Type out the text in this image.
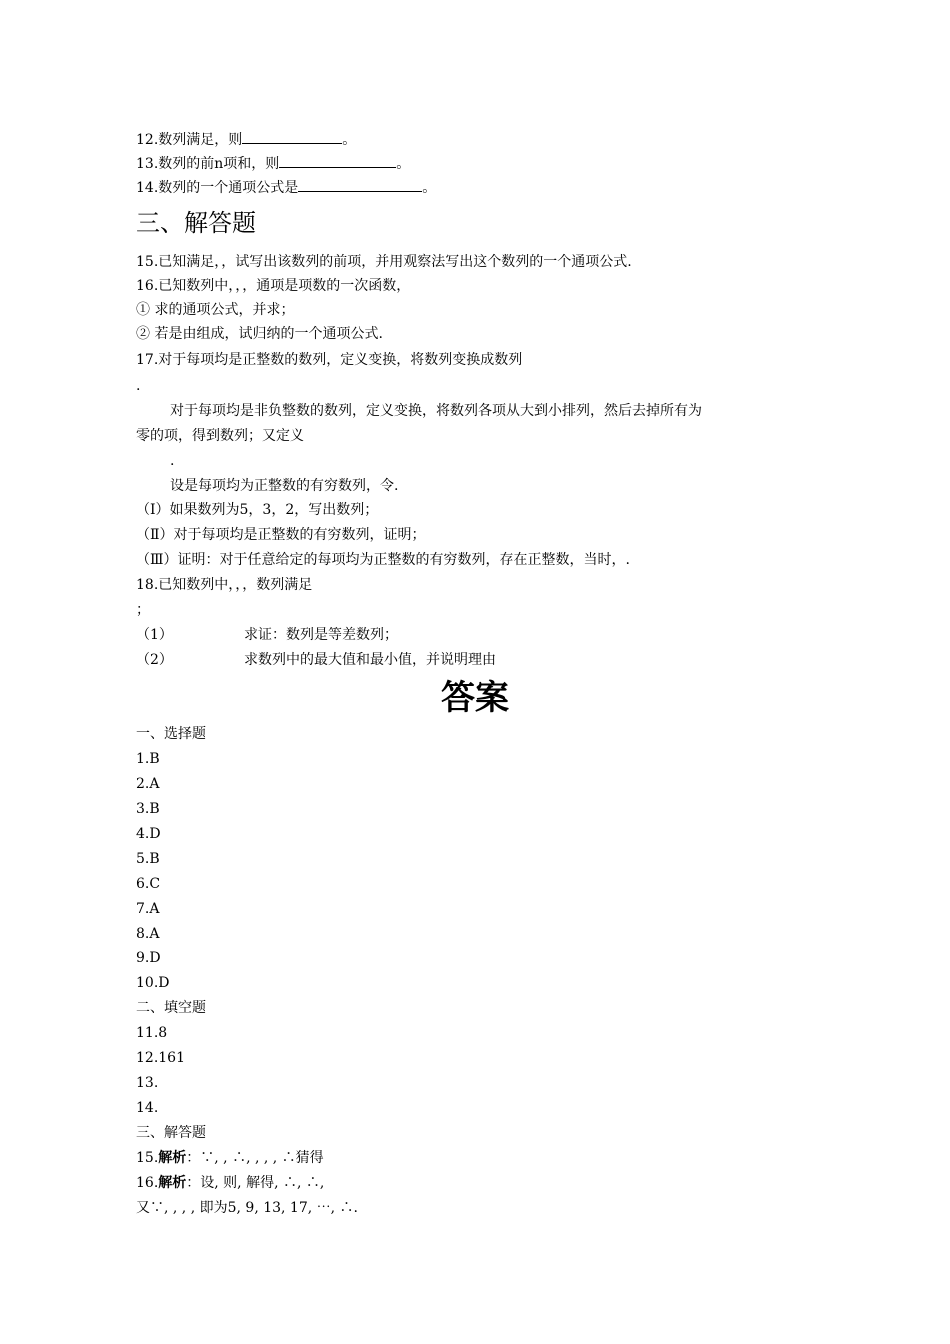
12.数列满足，则	。
13.数列的前n项和，则	。
14.数列的一个通项公式是	。
三、解答题
15.已知满足，，试写出该数列的前项，并用观察法写出这个数列的一个通项公式.
16.已知数列中，，，通项是项数的一次函数，
① 求的通项公式，并求；
② 若是由组成，试归纳的一个通项公式.
17.对于每项均是正整数的数列，定义变换，将数列变换成数列
.
对于每项均是非负整数的数列，定义变换，将数列各项从大到小排列，然后去掉所有为
零的项，得到数列；又定义
.
设是每项均为正整数的有穷数列，令.
（Ⅰ）如果数列为5，3，2，写出数列；
（Ⅱ）对于每项均是正整数的有穷数列，证明；
（Ⅲ）证明：对于任意给定的每项均为正整数的有穷数列，存在正整数，当时，.
18.已知数列中，，，数列满足
；
（1）	求证：数列是等差数列；
（2）	求数列中的最大值和最小值，并说明理由
答案
一、选择题
1.B
2.A
3.B
4.D
5.B
6.C
7.A
8.A
9.D
10.D
二、填空题
11.8
12.161
13.
14.
三、解答题
15.解析：∵, , ∴, , , , ∴猜得
16.解析：设, 则, 解得, ∴, ∴,
又∵, , , , 即为5, 9, 13, 17, ⋯, ∴.
